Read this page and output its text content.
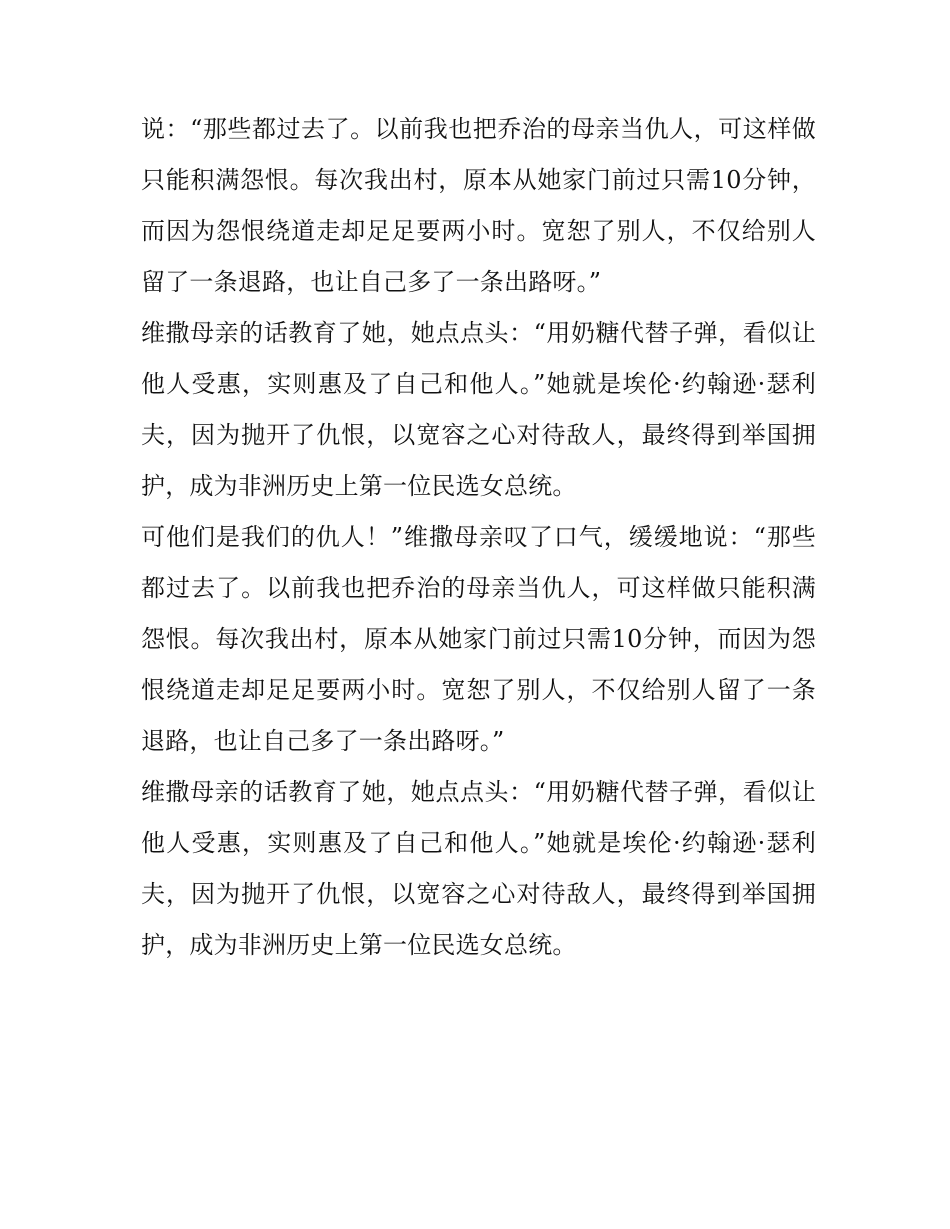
说：“那些都过去了。以前我也把乔治的母亲当仇人，可这样做只能积满怨恨。每次我出村，原本从她家门前过只需10分钟，而因为怨恨绕道走却足足要两小时。宽恕了别人，不仅给别人留了一条退路，也让自己多了一条出路呀。”

维撒母亲的话教育了她，她点点头：“用奶糖代替子弹，看似让他人受惠，实则惠及了自己和他人。”她就是埃伦·约翰逊·瑟利夫，因为抛开了仇恨，以宽容之心对待敌人，最终得到举国拥护，成为非洲历史上第一位民选女总统。

可他们是我们的仇人！”维撒母亲叹了口气，缓缓地说：“那些都过去了。以前我也把乔治的母亲当仇人，可这样做只能积满怨恨。每次我出村，原本从她家门前过只需10分钟，而因为怨恨绕道走却足足要两小时。宽恕了别人，不仅给别人留了一条退路，也让自己多了一条出路呀。”

维撒母亲的话教育了她，她点点头：“用奶糖代替子弹，看似让他人受惠，实则惠及了自己和他人。”她就是埃伦·约翰逊·瑟利夫，因为抛开了仇恨，以宽容之心对待敌人，最终得到举国拥护，成为非洲历史上第一位民选女总统。
